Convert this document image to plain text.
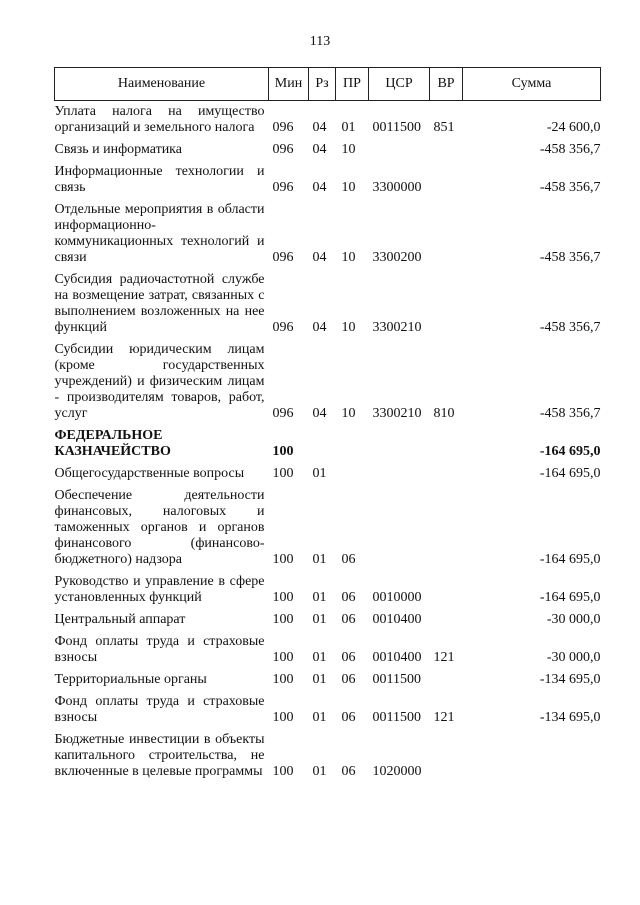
113
Наименование	Мин	Рз	ПР	ЦСР	ВР	Сумма
Уплата налога на имущество организаций и земельного налога	096	04	01	0011500	851	-24 600,0
Связь и информатика	096	04	10			-458 356,7
Информационные технологии и связь	096	04	10	3300000		-458 356,7
Отдельные мероприятия в области информационно-коммуникационных технологий и связи	096	04	10	3300200		-458 356,7
Субсидия радиочастотной службе на возмещение затрат, связанных с выполнением возложенных на нее функций	096	04	10	3300210		-458 356,7
Субсидии юридическим лицам (кроме государственных учреждений) и физическим лицам - производителям товаров, работ, услуг	096	04	10	3300210	810	-458 356,7
ФЕДЕРАЛЬНОЕ КАЗНАЧЕЙСТВО	100					-164 695,0
Общегосударственные вопросы	100	01				-164 695,0
Обеспечение деятельности финансовых, налоговых и таможенных органов и органов финансового (финансово-бюджетного) надзора	100	01	06			-164 695,0
Руководство и управление в сфере установленных функций	100	01	06	0010000		-164 695,0
Центральный аппарат	100	01	06	0010400		-30 000,0
Фонд оплаты труда и страховые взносы	100	01	06	0010400	121	-30 000,0
Территориальные органы	100	01	06	0011500		-134 695,0
Фонд оплаты труда и страховые взносы	100	01	06	0011500	121	-134 695,0
Бюджетные инвестиции в объекты капитального строительства, не включенные в целевые программы	100	01	06	1020000		
